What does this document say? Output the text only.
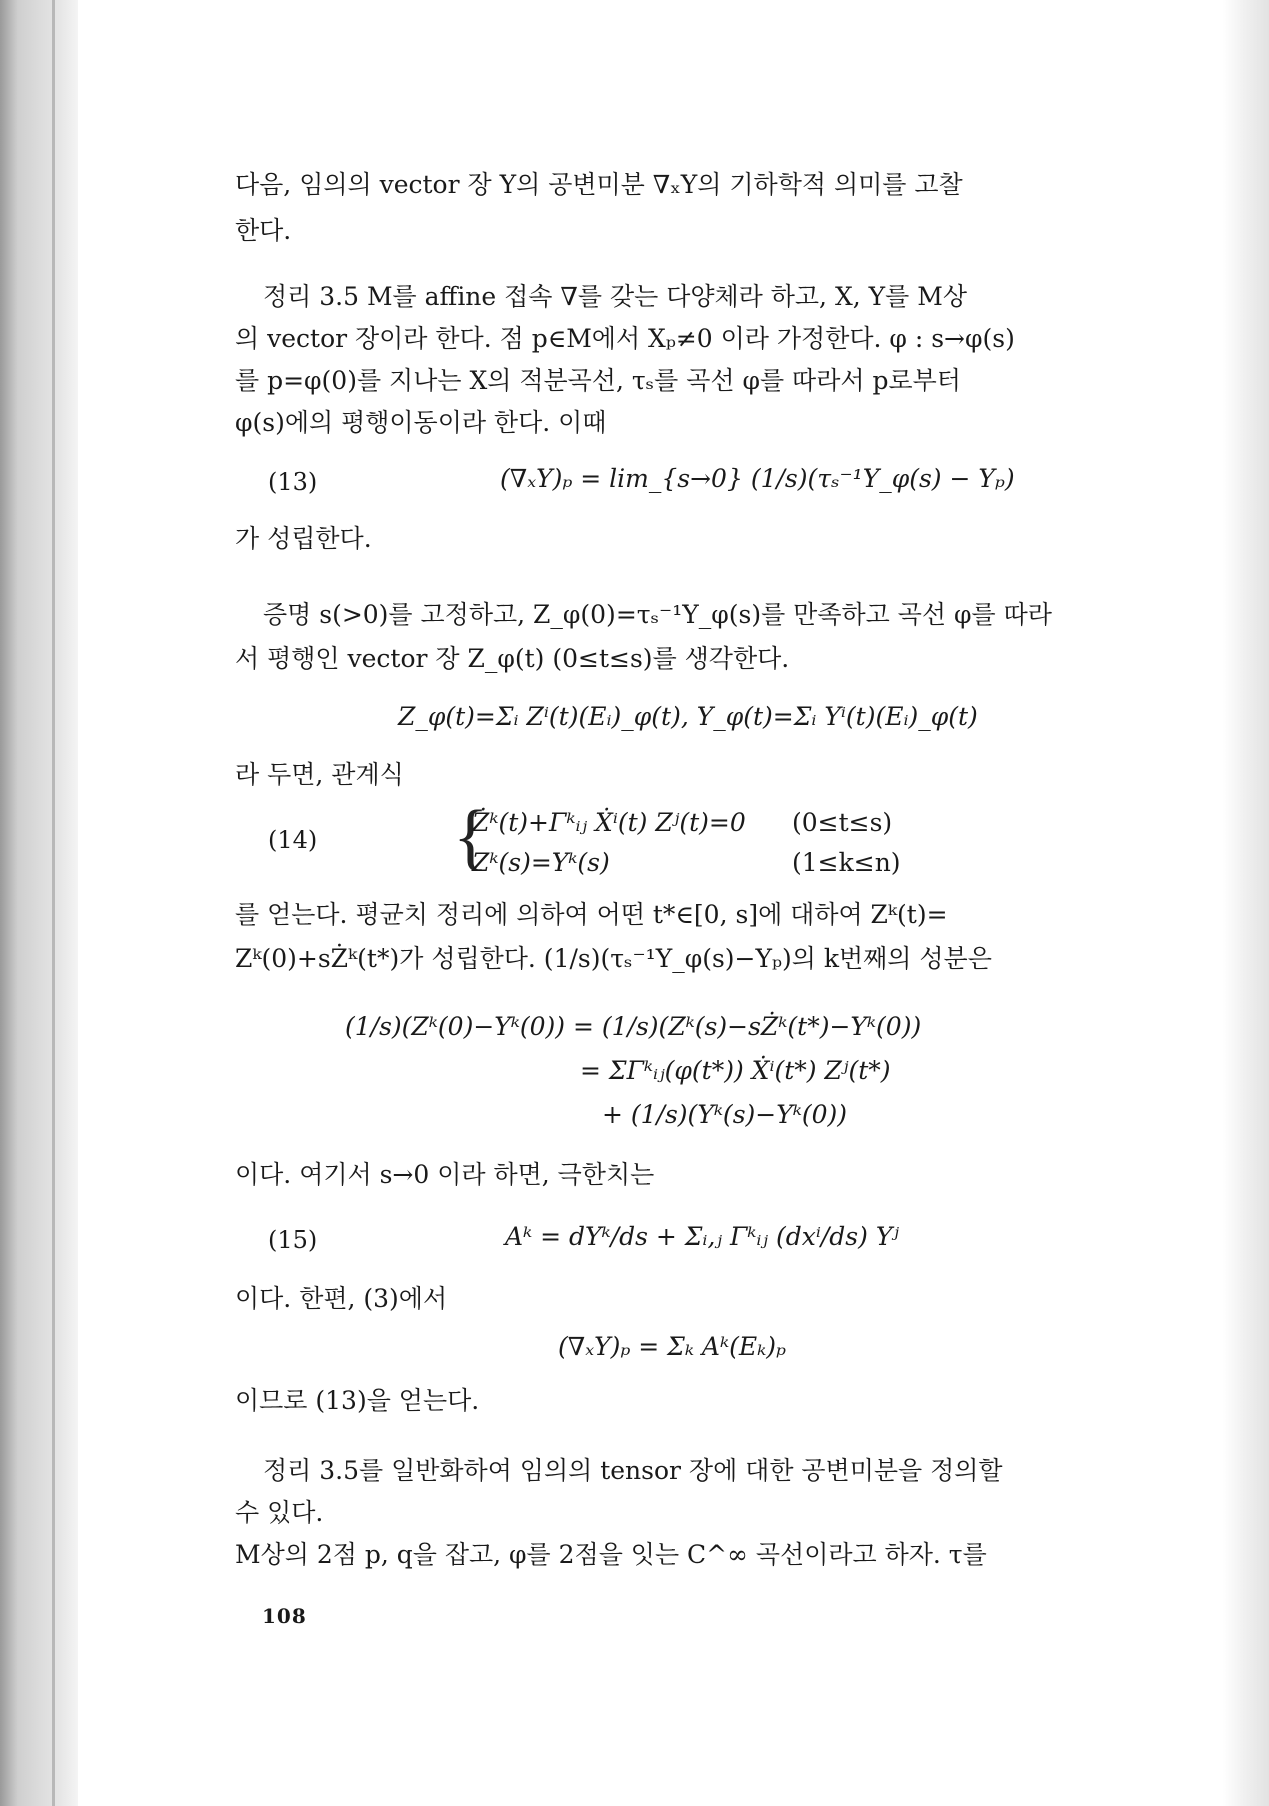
다음, 임의의 vector 장 Y의 공변미분 ∇ₓY의 기하학적 의미를 고찰
한다.
정리 3.5 M를 affine 접속 ∇를 갖는 다양체라 하고, X, Y를 M상
의 vector 장이라 한다. 점 p∈M에서 Xₚ≠0 이라 가정한다. φ : s→φ(s)
를 p=φ(0)를 지나는 X의 적분곡선, τₛ를 곡선 φ를 따라서 p로부터
φ(s)에의 평행이동이라 한다. 이때
(13)	(∇ₓY)ₚ = lim_{s→0} (1/s)(τₛ⁻¹Y_φ(s) − Yₚ)
가 성립한다.
증명 s(>0)를 고정하고, Z_φ(0)=τₛ⁻¹Y_φ(s)를 만족하고 곡선 φ를 따라
서 평행인 vector 장 Z_φ(t) (0≤t≤s)를 생각한다.
Z_φ(t)=Σᵢ Zⁱ(t)(Eᵢ)_φ(t), Y_φ(t)=Σᵢ Yⁱ(t)(Eᵢ)_φ(t)
라 두면, 관계식
(14) {
Żᵏ(t)+Γᵏᵢⱼ Ẋⁱ(t) Zʲ(t)=0 (0≤t≤s)
Zᵏ(s)=Yᵏ(s)	(1≤k≤n)
를 얻는다. 평균치 정리에 의하여 어떤 t*∈[0, s]에 대하여 Zᵏ(t)=
Zᵏ(0)+sŻᵏ(t*)가 성립한다. (1/s)(τₛ⁻¹Y_φ(s)−Yₚ)의 k번째의 성분은
(1/s)(Zᵏ(0)−Yᵏ(0)) = (1/s)(Zᵏ(s)−sŻᵏ(t*)−Yᵏ(0))
= ΣΓᵏᵢⱼ(φ(t*)) Ẋⁱ(t*) Zʲ(t*)
+ (1/s)(Yᵏ(s)−Yᵏ(0))
이다. 여기서 s→0 이라 하면, 극한치는
(15)	Aᵏ = dYᵏ/ds + Σᵢ,ⱼ Γᵏᵢⱼ (dxⁱ/ds) Yʲ
이다. 한편, (3)에서
(∇ₓY)ₚ = Σₖ Aᵏ(Eₖ)ₚ
이므로 (13)을 얻는다.
정리 3.5를 일반화하여 임의의 tensor 장에 대한 공변미분을 정의할
수 있다.
M상의 2점 p, q을 잡고, φ를 2점을 잇는 C^∞ 곡선이라고 하자. τ를
108
